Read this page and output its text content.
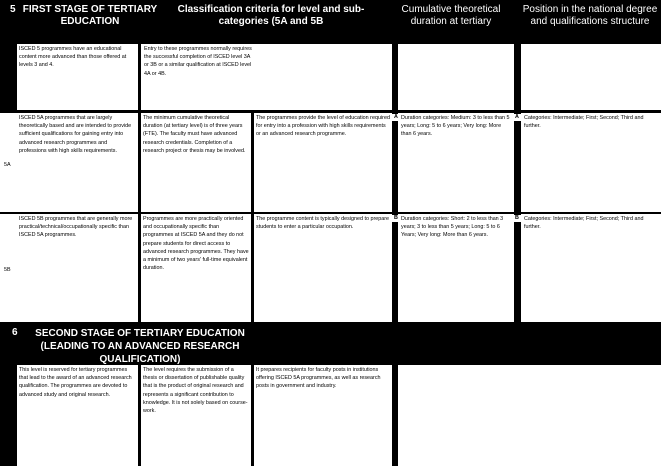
5 FIRST STAGE OF TERTIARY EDUCATION
Classification criteria for level and sub-categories (5A and 5B
Cumulative theoretical duration at tertiary
Position in the national degree and qualifications structure
ISCED 5 programmes have an educational content more advanced than those offered at levels 3 and 4.
Entry to these programmes normally requires the successful completion of ISCED level 3A or 3B or a similar qualification at ISCED level 4A or 4B.
5A
ISCED 5A programmes that are largely theoretically based and are intended to provide sufficient qualifications for gaining entry into advanced research programmes and professions with high skills requirements.
The minimum cumulative theoretical duration (at tertiary level) is of three years (FTE). The faculty must have advanced research credentials. Completion of a research project or thesis may be involved.
The programmes provide the level of education required for entry into a profession with high skills requirements or an advanced research programme.
A Duration categories: Medium: 3 to less than 5 years; Long: 5 to 6 years; Very long: More than 6 years.
A Categories: Intermediate; First; Second; Third and further.
5B
ISCED 5B programmes that are generally more practical/technical/occupationally specific than ISCED 5A programmes.
Programmes are more practically oriented and occupationally specific than programmes at ISCED 5A and they do not prepare students for direct access to advanced research programmes. They have a minimum of two years' full-time equivalent duration.
The programme content is typically designed to prepare students to enter a particular occupation.
B Duration categories: Short: 2 to less than 3 years; 3 to less than 5 years; Long: 5 to 6 Years; Very long: More than 6 years.
B Categories: Intermediate; First; Second; Third and further.
6	SECOND STAGE OF TERTIARY EDUCATION (LEADING TO AN ADVANCED RESEARCH QUALIFICATION)
This level is reserved for tertiary programmes that lead to the award of an advanced research qualification. The programmes are devoted to advanced study and original research.
The level requires the submission of a thesis or dissertation of publishable quality that is the product of original research and represents a significant contribution to knowledge. It is not solely based on course-work.
It prepares recipients for faculty posts in institutions offering ISCED 5A programmes, as well as research posts in government and industry.
